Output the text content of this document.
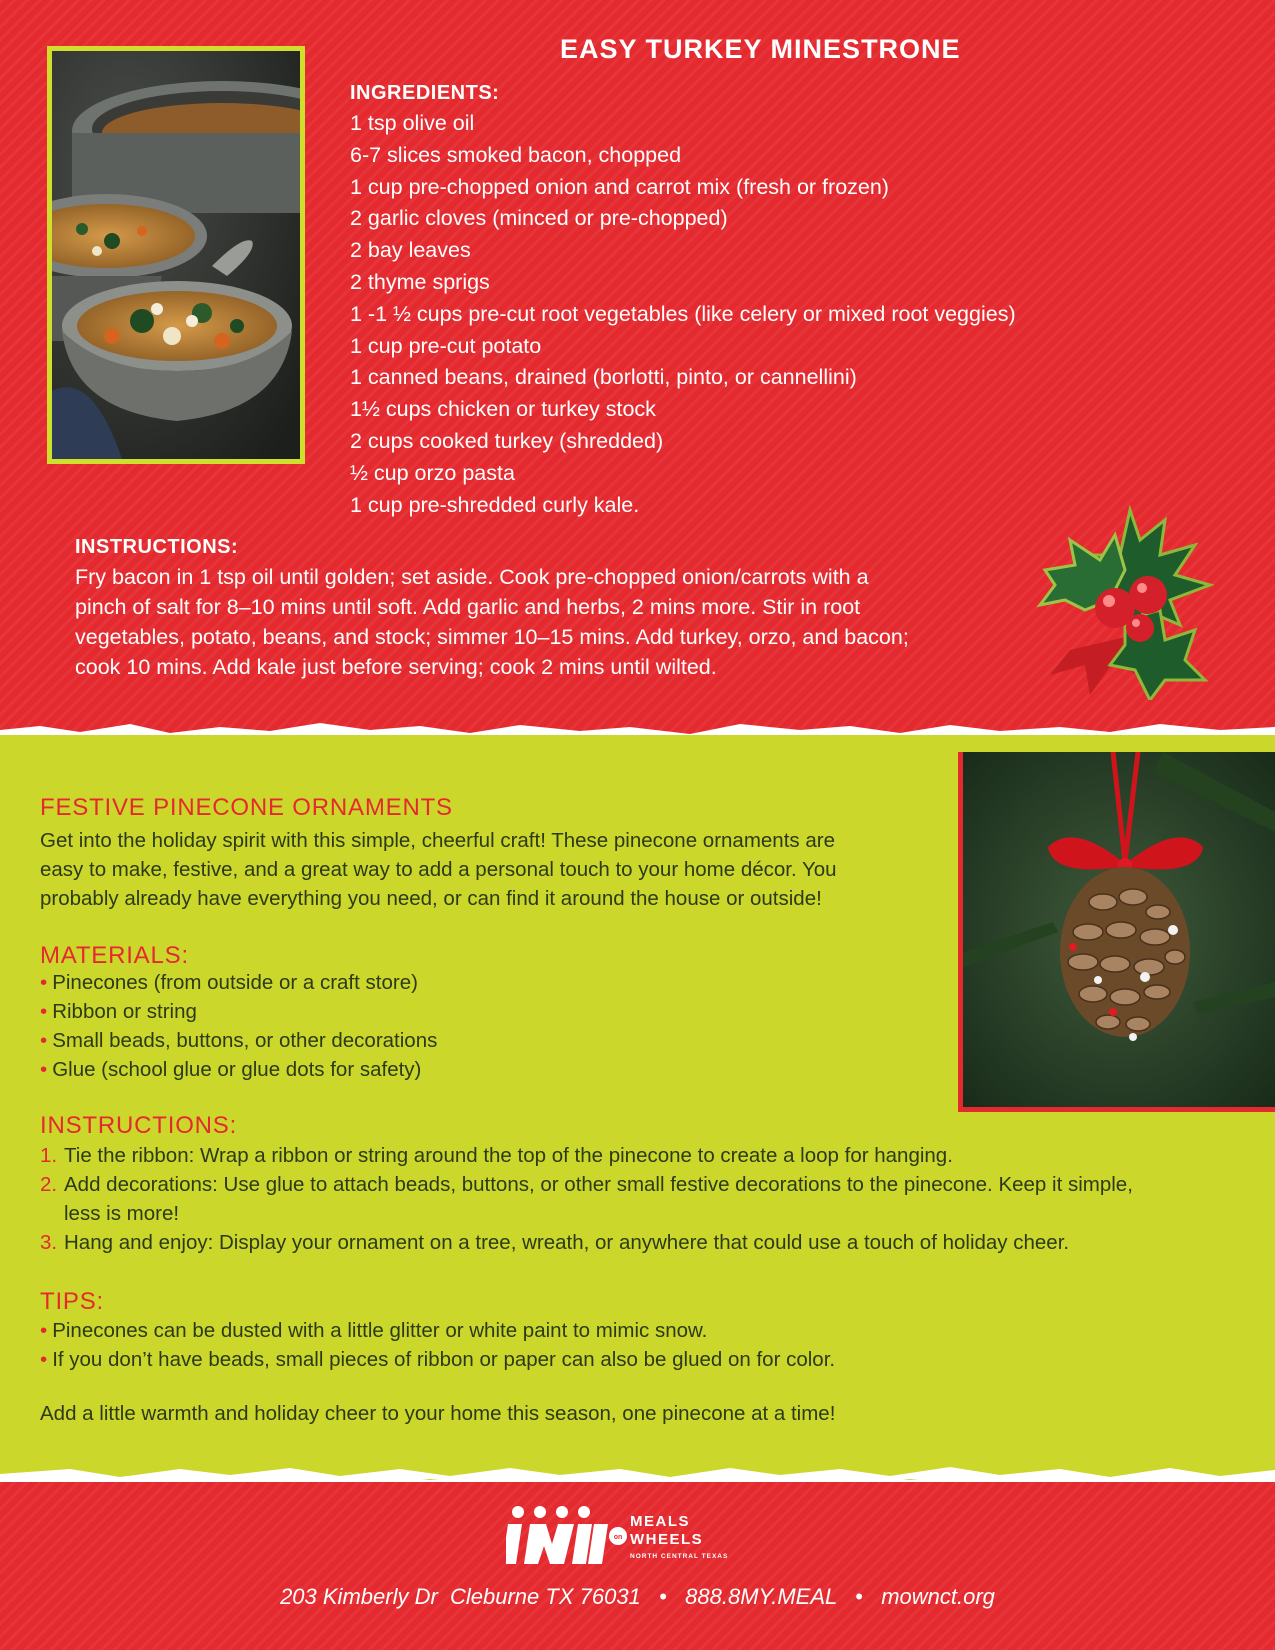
EASY TURKEY MINESTRONE
INGREDIENTS:
1 tsp olive oil
6-7 slices smoked bacon, chopped
1 cup pre-chopped onion and carrot mix (fresh or frozen)
2 garlic cloves (minced or pre-chopped)
2 bay leaves
2 thyme sprigs
1 -1 ½ cups pre-cut root vegetables (like celery or mixed root veggies)
1 cup pre-cut potato
1 canned beans, drained (borlotti, pinto, or cannellini)
1½ cups chicken or turkey stock
2 cups cooked turkey (shredded)
½ cup orzo pasta
1 cup pre-shredded curly kale.
INSTRUCTIONS:

Fry bacon in 1 tsp oil until golden; set aside. Cook pre-chopped onion/carrots with a
pinch of salt for 8–10 mins until soft. Add garlic and herbs, 2 mins more. Stir in root
vegetables, potato, beans, and stock; simmer 10–15 mins. Add turkey, orzo, and bacon;
cook 10 mins. Add kale just before serving; cook 2 mins until wilted.

FESTIVE PINECONE ORNAMENTS

Get into the holiday spirit with this simple, cheerful craft! These pinecone ornaments are
easy to make, festive, and a great way to add a personal touch to your home décor. You
probably already have everything you need, or can find it around the house or outside!

MATERIALS:
• Pinecones (from outside or a craft store)
• Ribbon or string
• Small beads, buttons, or other decorations
• Glue (school glue or glue dots for safety)
INSTRUCTIONS:
1. Tie the ribbon: Wrap a ribbon or string around the top of the pinecone to create a loop for hanging.
2. Add decorations: Use glue to attach beads, buttons, or other small festive decorations to the pinecone. Keep it simple,
less is more!
3. Hang and enjoy: Display your ornament on a tree, wreath, or anywhere that could use a touch of holiday cheer.
TIPS:
• Pinecones can be dusted with a little glitter or white paint to mimic snow.
• If you don’t have beads, small pieces of ribbon or paper can also be glued on for color.

Add a little warmth and holiday cheer to your home this season, one pinecone at a time!

on
MEALS
WHEELS
NORTH CENTRAL TEXAS

203 Kimberly Dr  Cleburne TX 76031   •   888.8MY.MEAL   •   mownct.org
